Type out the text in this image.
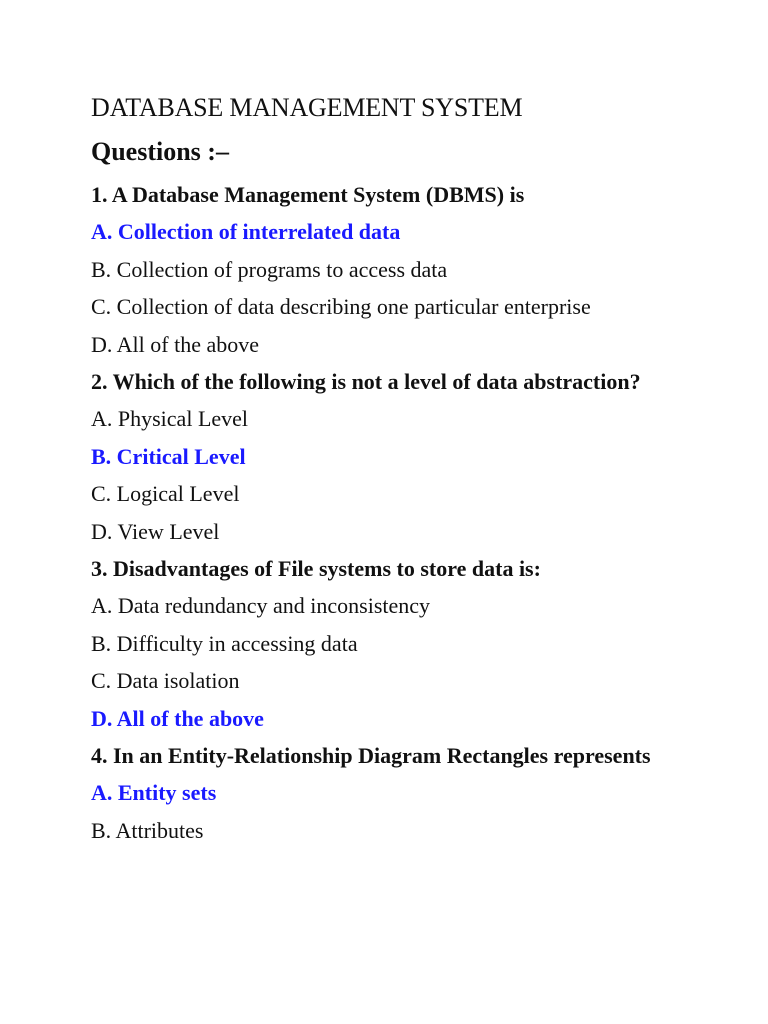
DATABASE MANAGEMENT SYSTEM
Questions :–
1. A Database Management System (DBMS) is
A. Collection of interrelated data
B. Collection of programs to access data
C. Collection of data describing one particular enterprise
D. All of the above
2. Which of the following is not a level of data abstraction?
A. Physical Level
B. Critical Level
C. Logical Level
D. View Level
3. Disadvantages of File systems to store data is:
A. Data redundancy and inconsistency
B. Difficulty in accessing data
C. Data isolation
D. All of the above
4. In an Entity-Relationship Diagram Rectangles represents
A. Entity sets
B. Attributes
